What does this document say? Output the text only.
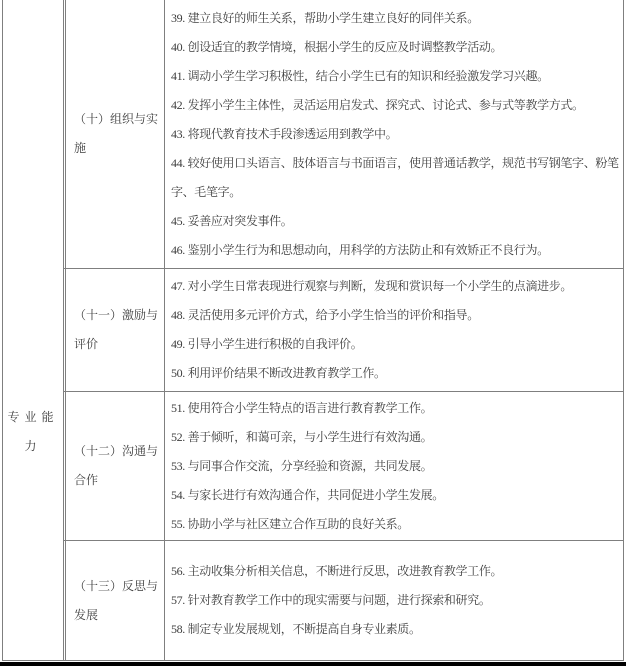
专业能力
（十）组织与实施

39. 建立良好的师生关系，帮助小学生建立良好的同伴关系。

40. 创设适宜的教学情境，根据小学生的反应及时调整教学活动。

41. 调动小学生学习积极性，结合小学生已有的知识和经验激发学习兴趣。

42. 发挥小学生主体性，灵活运用启发式、探究式、讨论式、参与式等教学方式。

43. 将现代教育技术手段渗透运用到教学中。

44. 较好使用口头语言、肢体语言与书面语言，使用普通话教学，规范书写钢笔字、粉笔字、毛笔字。

45. 妥善应对突发事件。

46. 鉴别小学生行为和思想动向，用科学的方法防止和有效矫正不良行为。

（十一）激励与评价

47. 对小学生日常表现进行观察与判断，发现和赏识每一个小学生的点滴进步。

48. 灵活使用多元评价方式，给予小学生恰当的评价和指导。

49. 引导小学生进行积极的自我评价。

50. 利用评价结果不断改进教育教学工作。

（十二）沟通与合作

51. 使用符合小学生特点的语言进行教育教学工作。

52. 善于倾听，和蔼可亲，与小学生进行有效沟通。

53. 与同事合作交流，分享经验和资源，共同发展。

54. 与家长进行有效沟通合作，共同促进小学生发展。

55. 协助小学与社区建立合作互助的良好关系。

（十三）反思与发展

56. 主动收集分析相关信息，不断进行反思，改进教育教学工作。

57. 针对教育教学工作中的现实需要与问题，进行探索和研究。

58. 制定专业发展规划，不断提高自身专业素质。
